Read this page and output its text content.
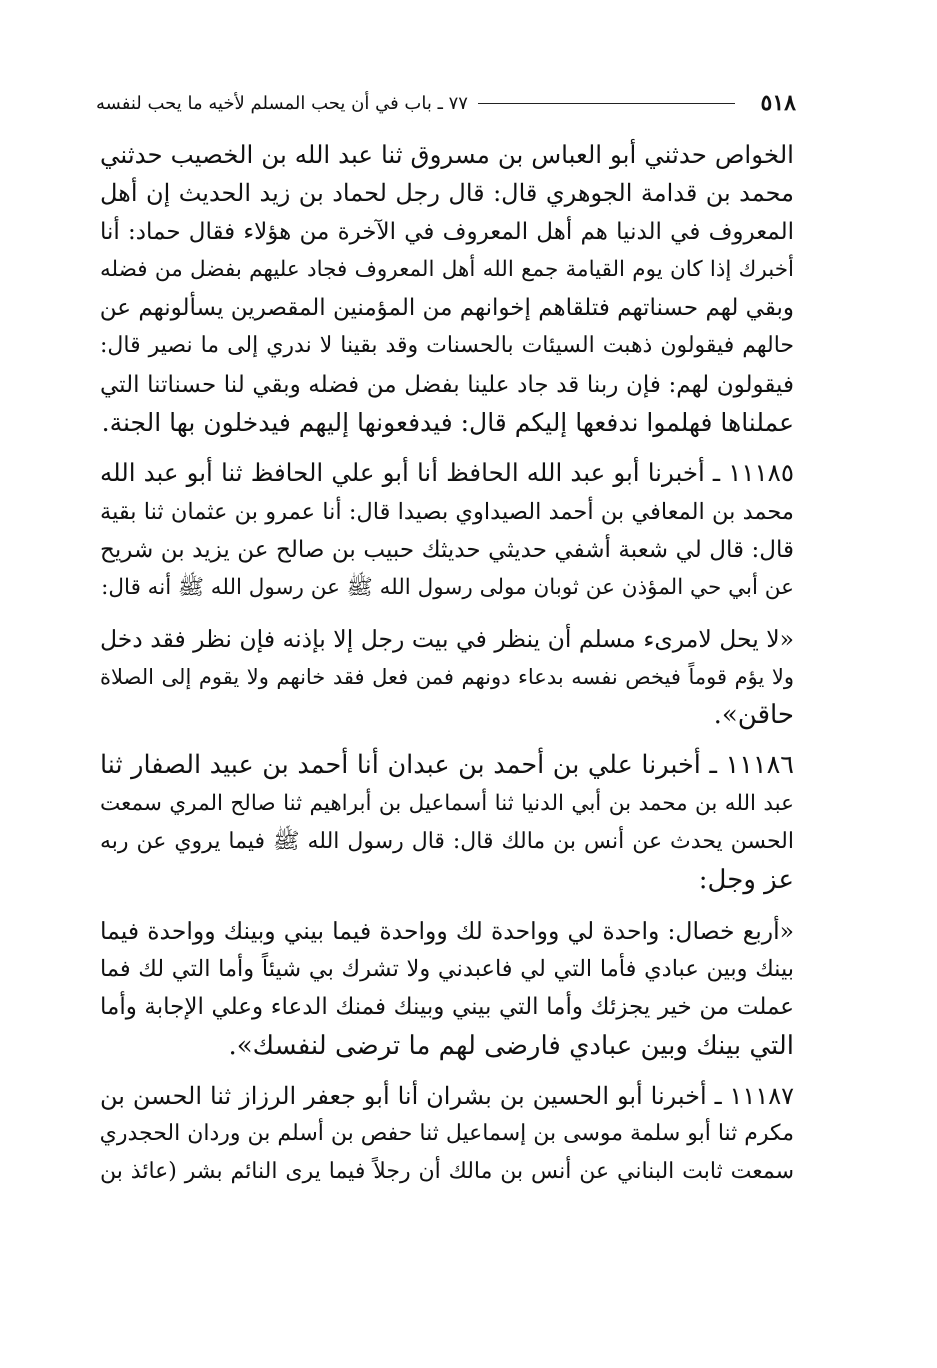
٥١٨
٧٧ ـ باب في أن يحب المسلم لأخيه ما يحب لنفسه
الخواص حدثني أبو العباس بن مسروق ثنا عبد الله بن الخصيب حدثني
محمد بن قدامة الجوهري قال: قال رجل لحماد بن زيد الحديث إن أهل
المعروف في الدنيا هم أهل المعروف في الآخرة من هؤلاء فقال حماد: أنا
أخبرك إذا كان يوم القيامة جمع الله أهل المعروف فجاد عليهم بفضل من فضله
وبقي لهم حسناتهم فتلقاهم إخوانهم من المؤمنين المقصرين يسألونهم عن
حالهم فيقولون ذهبت السيئات بالحسنات وقد بقينا لا ندري إلى ما نصير قال:
فيقولون لهم: فإن ربنا قد جاد علينا بفضل من فضله وبقي لنا حسناتنا التي
عملناها فهلموا ندفعها إليكم قال: فيدفعونها إليهم فيدخلون بها الجنة.
١١١٨٥ ـ أخبرنا أبو عبد الله الحافظ أنا أبو علي الحافظ ثنا أبو عبد الله
محمد بن المعافي بن أحمد الصيداوي بصيدا قال: أنا عمرو بن عثمان ثنا بقية
قال: قال لي شعبة أشفي حديثي حديثك حبيب بن صالح عن يزيد بن شريح
عن أبي حي المؤذن عن ثوبان مولى رسول الله ﷺ عن رسول الله ﷺ أنه قال:
«لا يحل لامرىء مسلم أن ينظر في بيت رجل إلا بإذنه فإن نظر فقد دخل
ولا يؤم قوماً فيخص نفسه بدعاء دونهم فمن فعل فقد خانهم ولا يقوم إلى الصلاة
حاقن».
١١١٨٦ ـ أخبرنا علي بن أحمد بن عبدان أنا أحمد بن عبيد الصفار ثنا
عبد الله بن محمد بن أبي الدنيا ثنا أسماعيل بن أبراهيم ثنا صالح المري سمعت
الحسن يحدث عن أنس بن مالك قال: قال رسول الله ﷺ فيما يروي عن ربه
عز وجل:
«أربع خصال: واحدة لي وواحدة لك وواحدة فيما بيني وبينك وواحدة فيما
بينك وبين عبادي فأما التي لي فاعبدني ولا تشرك بي شيئاً وأما التي لك فما
عملت من خير يجزئك وأما التي بيني وبينك فمنك الدعاء وعلي الإجابة وأما
التي بينك وبين عبادي فارضى لهم ما ترضى لنفسك».
١١١٨٧ ـ أخبرنا أبو الحسين بن بشران أنا أبو جعفر الرزاز ثنا الحسن بن
مكرم ثنا أبو سلمة موسى بن إسماعيل ثنا حفص بن أسلم بن وردان الحجدري
سمعت ثابت البناني عن أنس بن مالك أن رجلاً فيما يرى النائم بشر (عائذ بن
